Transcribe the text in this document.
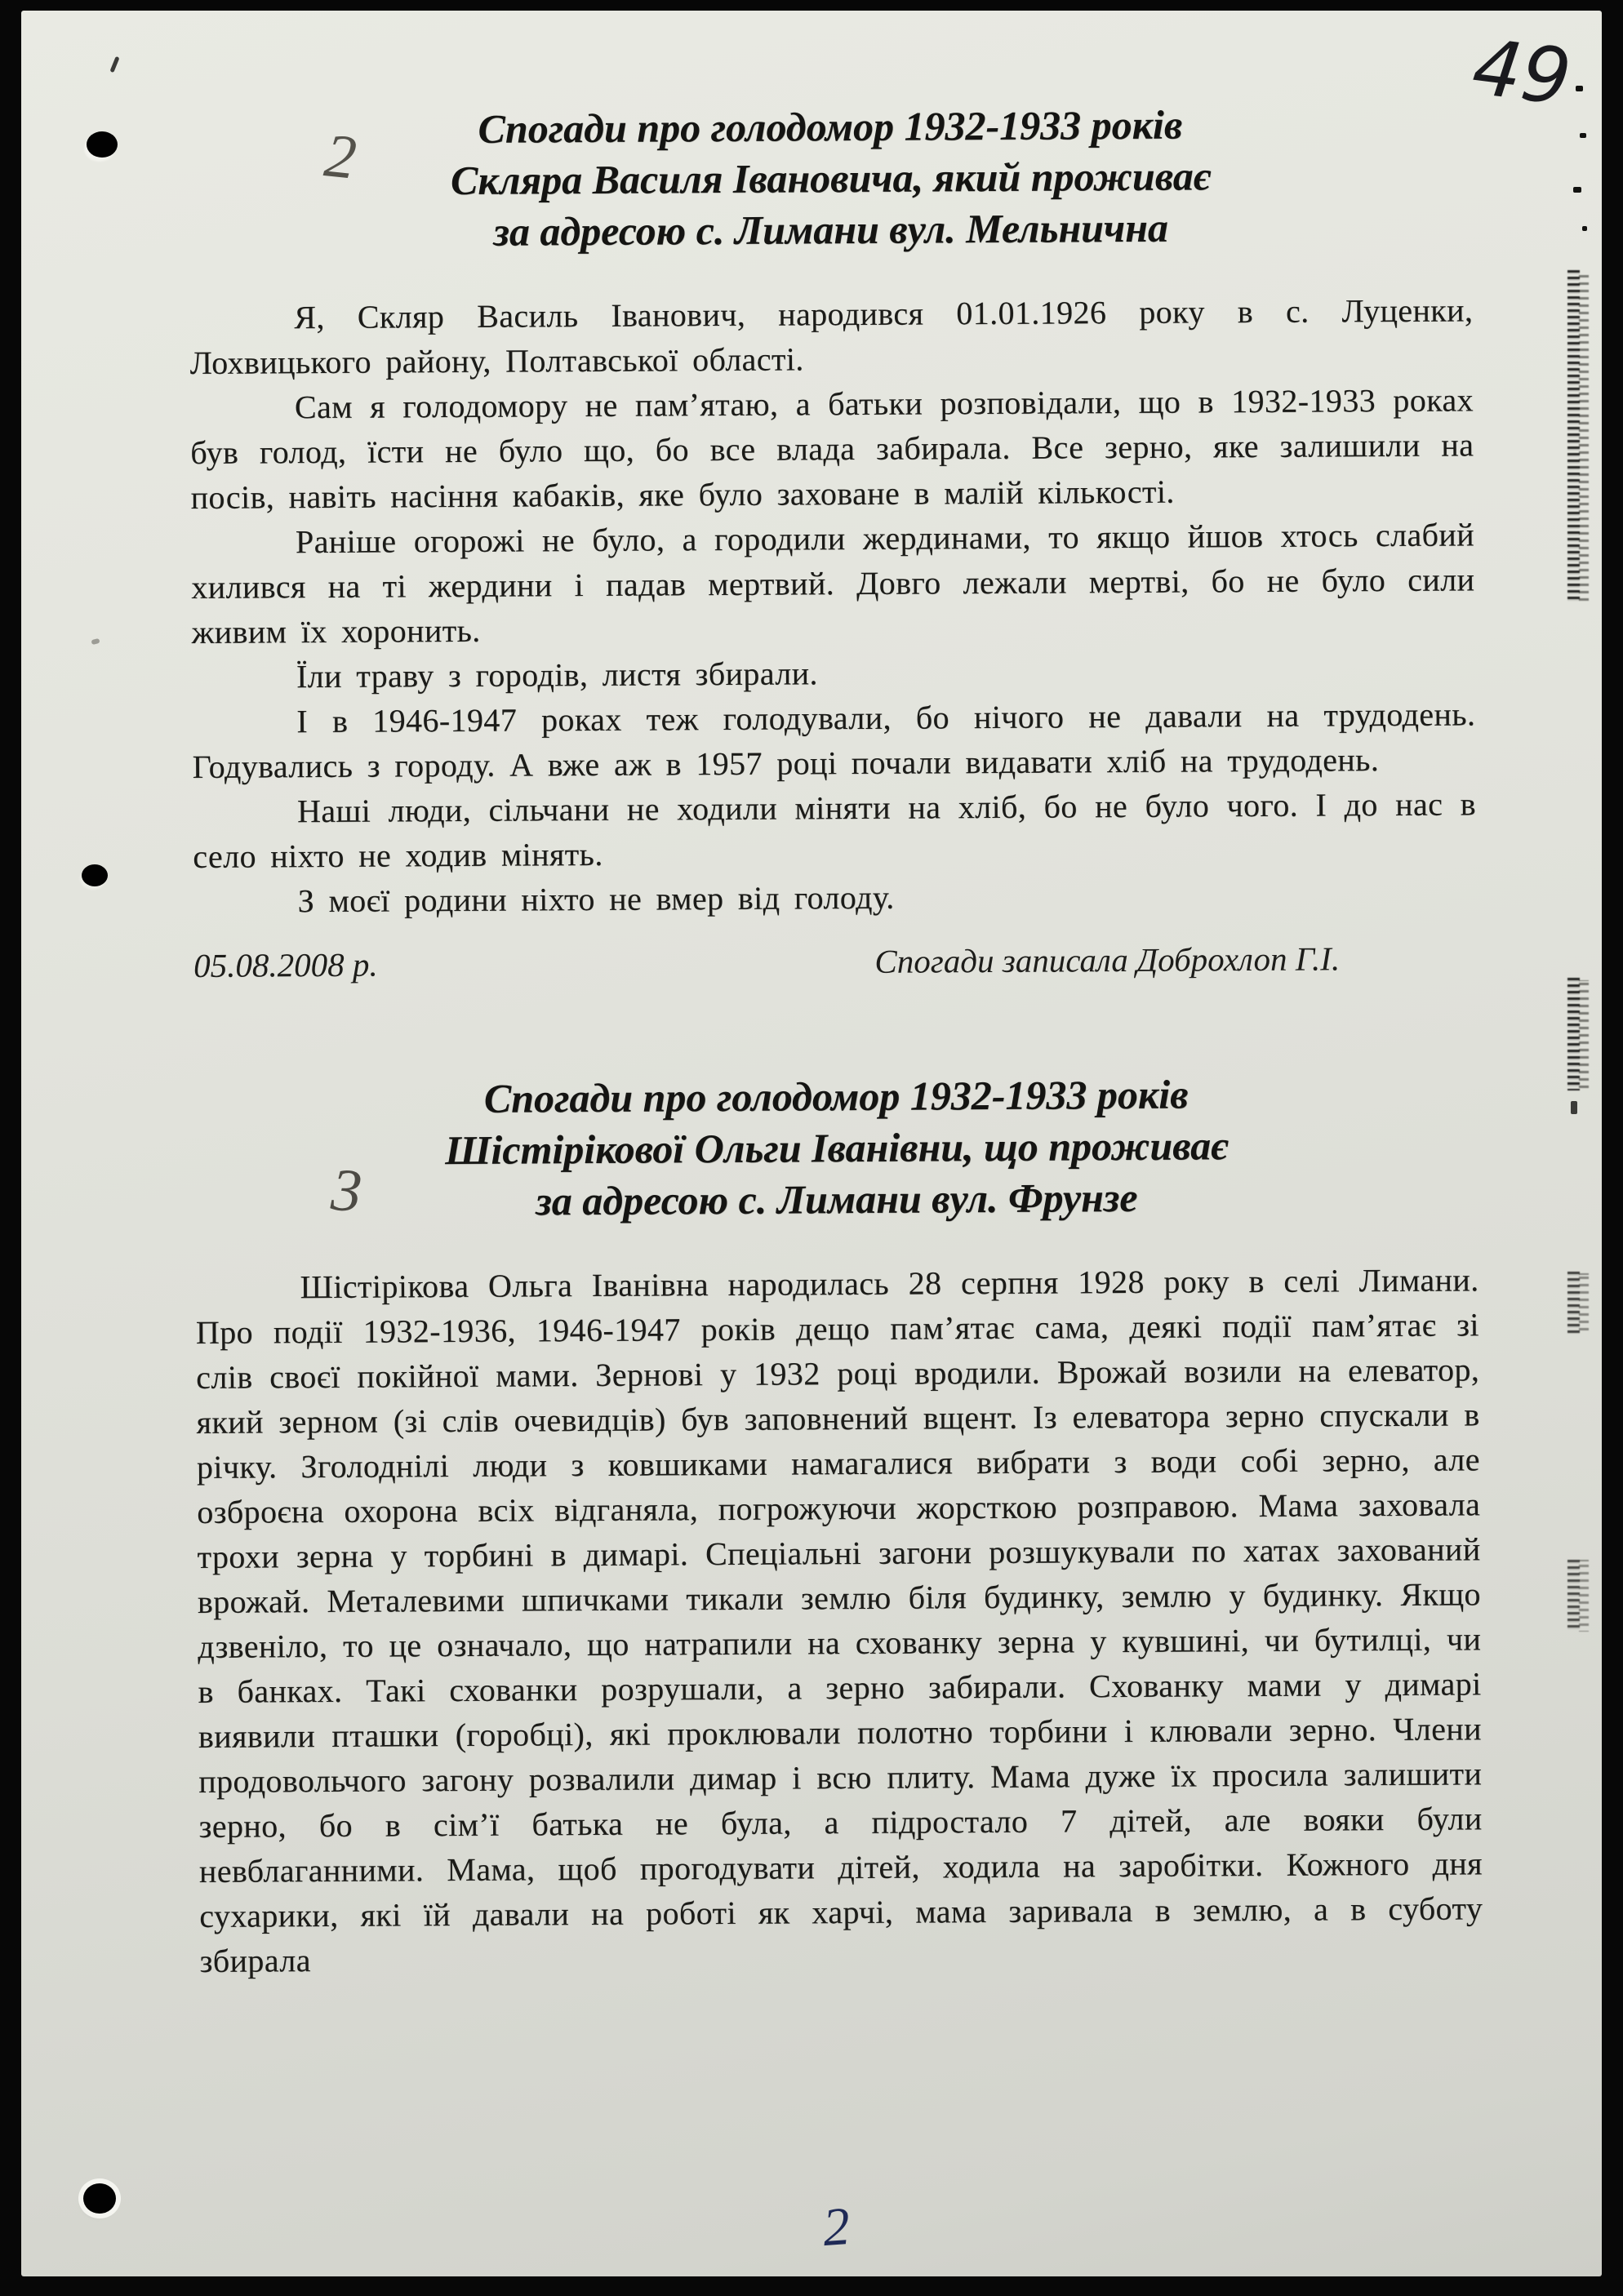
49
2
3
2
Спогади про голодомор 1932-1933 років
Скляра Василя Івановича, який проживає
за адресою с. Лимани вул. Мельнична

Я, Скляр Василь Іванович, народився 01.01.1926 року в с. Луценки, Лохвицького району, Полтавської області.

Сам я голодомору не пам’ятаю, а батьки розповідали, що в 1932-1933 роках був голод, їсти не було що, бо все влада забирала. Все зерно, яке залишили на посів, навіть насіння кабаків, яке було заховане в малій кількості.

Раніше огорожі не було, а городили жердинами, то якщо йшов хтось слабий хилився на ті жердини і падав мертвий. Довго лежали мертві, бо не було сили живим їх хоронить.

Їли траву з городів, листя збирали.

І в 1946-1947 роках теж голодували, бо нічого не давали на трудодень. Годувались з городу. А вже аж в 1957 році почали видавати хліб на трудодень.

Наші люди, сільчани не ходили міняти на хліб, бо не було чого. І до нас в село ніхто не ходив мінять.

З моєї родини ніхто не вмер від голоду.

05.08.2008 р.	Спогади записала Доброхлоп Г.І.
Спогади про голодомор 1932-1933 років
Шістірікової Ольги Іванівни, що проживає
за адресою с. Лимани вул. Фрунзе

Шістірікова Ольга Іванівна народилась 28 серпня 1928 року в селі Лимани. Про події 1932-1936, 1946-1947 років дещо пам’ятає сама, деякі події пам’ятає зі слів своєї покійної мами. Зернові у 1932 році вродили. Врожай возили на елеватор, який зерном (зі слів очевидців) був заповнений вщент. Із елеватора зерно спускали в річку. Зголоднілі люди з ковшиками намагалися вибрати з води собі зерно, але озброєна охорона всіх відганяла, погрожуючи жорсткою розправою. Мама заховала трохи зерна у торбині в димарі. Спеціальні загони розшукували по хатах захований врожай. Металевими шпичками тикали землю біля будинку, землю у будинку. Якщо дзвеніло, то це означало, що натрапили на схованку зерна у кувшині, чи бутилці, чи в банках. Такі схованки розрушали, а зерно забирали. Схованку мами у димарі виявили пташки (горобці), які проклювали полотно торбини і клювали зерно. Члени продовольчого загону розвалили димар і всю плиту. Мама дуже їх просила залишити зерно, бо в сім’ї батька не була, а підростало 7 дітей, але вояки були невблаганними. Мама, щоб прогодувати дітей, ходила на заробітки. Кожного дня сухарики, які їй давали на роботі як харчі, мама заривала в землю, а в суботу збирала
